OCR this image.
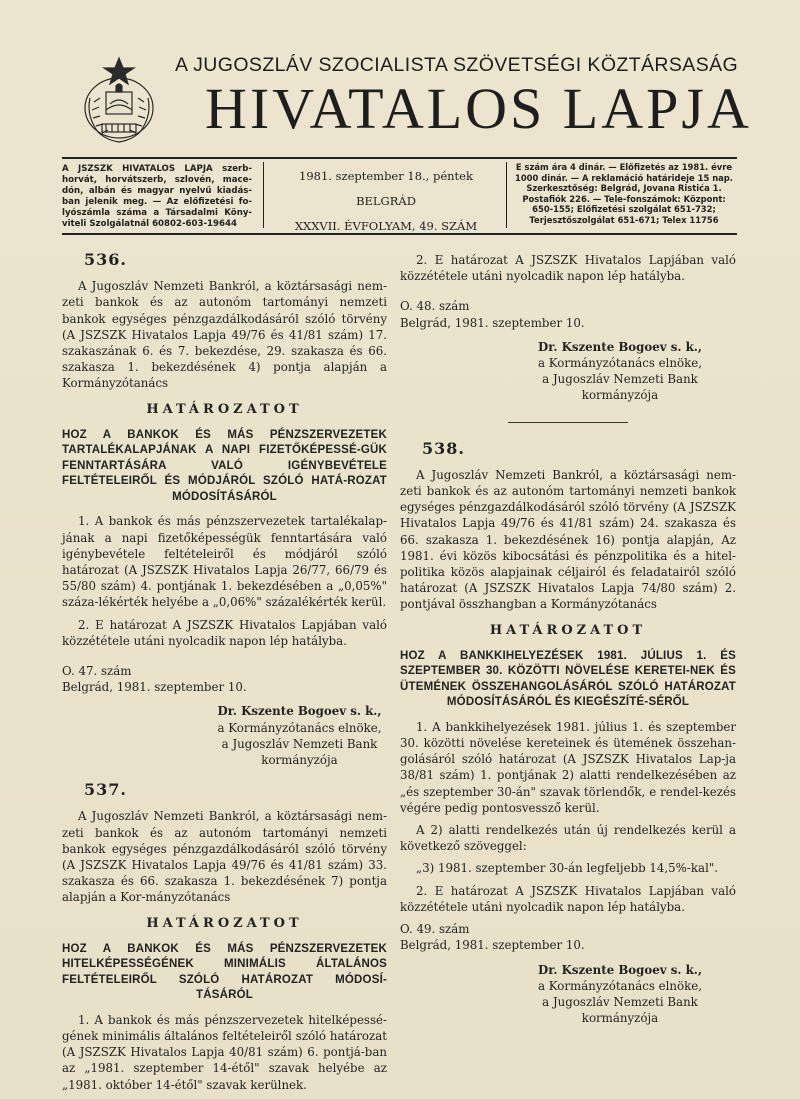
A JUGOSZLÁV SZOCIALISTA SZÖVETSÉGI KÖZTÁRSASÁG
HIVATALOS LAPJA
A JSZSZK HIVATALOS LAPJA szerb-horvát, horvátszerb, szlovén, mace-dón, albán és magyar nyelvű kiadás-ban jelenik meg. — Az előfizetési fo-lyószámla száma a Társadalmi Köny-viteli Szolgálatnál 60802-603-19644
1981. szeptember 18., péntek
BELGRÁD
XXXVII. ÉVFOLYAM, 49. SZÁM
E szám ára 4 dinár. — Előfizetés az 1981. évre 1000 dinár. — A reklamáció határideje 15 nap. Szerkesztőség: Belgrád, Jovana Ristića 1. Postafiók 226. — Tele-fonszámok: Központ: 650-155; Előfizetési szolgálat 651-732; Terjesztőszolgálat 651-671; Telex 11756
536.

A Jugoszláv Nemzeti Bankról, a köztársasági nem-zeti bankok és az autonóm tartományi nemzeti bankok egységes pénzgazdálkodásáról szóló törvény (A JSZSZK Hivatalos Lapja 49/76 és 41/81 szám) 17. szakaszának 6. és 7. bekezdése, 29. szakasza és 66. szakasza 1. bekezdésének 4) pontja alapján a Kormányzótanács

HATÁROZATOT
HOZ A BANKOK ÉS MÁS PÉNZSZERVEZETEK TARTALÉKALAPJÁNAK A NAPI FIZETŐKÉPESSÉ-GÜK FENNTARTÁSÁRA VALÓ IGÉNYBEVÉTELE FELTÉTELEIRŐL ÉS MÓDJÁRÓL SZÓLÓ HATÁ-ROZAT MÓDOSÍTÁSÁRÓL

1. A bankok és más pénzszervezetek tartalékalap-jának a napi fizetőképességük fenntartására való igénybevétele feltételeiről és módjáról szóló határozat (A JSZSZK Hivatalos Lapja 26/77, 66/79 és 55/80 szám) 4. pontjának 1. bekezdésében a „0,05%" száza-lékérték helyébe a „0,06%" százalékérték kerül.

2. E határozat A JSZSZK Hivatalos Lapjában való közzététele utáni nyolcadik napon lép hatályba.

O. 47. szám

Belgrád, 1981. szeptember 10.

Dr. Kszente Bogoev s. k.,
a Kormányzótanács elnöke,
a Jugoszláv Nemzeti Bank kormányzója
537.

A Jugoszláv Nemzeti Bankról, a köztársasági nem-zeti bankok és az autonóm tartományi nemzeti bankok egységes pénzgazdálkodásáról szóló törvény (A JSZSZK Hivatalos Lapja 49/76 és 41/81 szám) 33. szakasza és 66. szakasza 1. bekezdésének 7) pontja alapján a Kor-mányzótanács

HATÁROZATOT
HOZ A BANKOK ÉS MÁS PÉNZSZERVEZETEK HITELKÉPESSÉGÉNEK MINIMÁLIS ÁLTALÁNOS FELTÉTELEIRŐL SZÓLÓ HATÁROZAT MÓDOSÍ-TÁSÁRÓL

1. A bankok és más pénzszervezetek hitelképessé-gének minimális általános feltételeiről szóló határozat (A JSZSZK Hivatalos Lapja 40/81 szám) 6. pontjá-ban az „1981. szeptember 14-étől" szavak helyébe az „1981. október 14-étől" szavak kerülnek.

2. E határozat A JSZSZK Hivatalos Lapjában való közzététele utáni nyolcadik napon lép hatályba.

O. 48. szám

Belgrád, 1981. szeptember 10.

Dr. Kszente Bogoev s. k.,
a Kormányzótanács elnöke,
a Jugoszláv Nemzeti Bank kormányzója
538.

A Jugoszláv Nemzeti Bankról, a köztársasági nem-zeti bankok és az autonóm tartományi nemzeti bankok egységes pénzgazdálkodásáról szóló törvény (A JSZSZK Hivatalos Lapja 49/76 és 41/81 szám) 24. szakasza és 66. szakasza 1. bekezdésének 16) pontja alapján, Az 1981. évi közös kibocsátási és pénzpolitika és a hitel-politika közös alapjainak céljairól és feladatairól szóló határozat (A JSZSZK Hivatalos Lapja 74/80 szám) 2. pontjával összhangban a Kormányzótanács

HATÁROZATOT
HOZ A BANKKIHELYEZÉSEK 1981. JÚLIUS 1. ÉS SZEPTEMBER 30. KÖZÖTTI NÖVELÉSE KERETEI-NEK ÉS ÜTEMÉNEK ÖSSZEHANGOLÁSÁRÓL SZÓLÓ HATÁROZAT MÓDOSÍTÁSÁRÓL ÉS KIEGÉSZÍTÉ-SÉRŐL

1. A bankkihelyezések 1981. július 1. és szeptember 30. közötti növelése kereteinek és ütemének összehan-golásáról szóló határozat (A JSZSZK Hivatalos Lap-ja 38/81 szám) 1. pontjának 2) alatti rendelkezésében az „és szeptember 30-án" szavak törlendők, e rendel-kezés végére pedig pontosvessző kerül.

A 2) alatti rendelkezés után új rendelkezés kerül a következő szöveggel:

„3) 1981. szeptember 30-án legfeljebb 14,5%-kal".

2. E határozat A JSZSZK Hivatalos Lapjában való közzététele utáni nyolcadik napon lép hatályba.

O. 49. szám

Belgrád, 1981. szeptember 10.

Dr. Kszente Bogoev s. k.,
a Kormányzótanács elnöke,
a Jugoszláv Nemzeti Bank kormányzója
